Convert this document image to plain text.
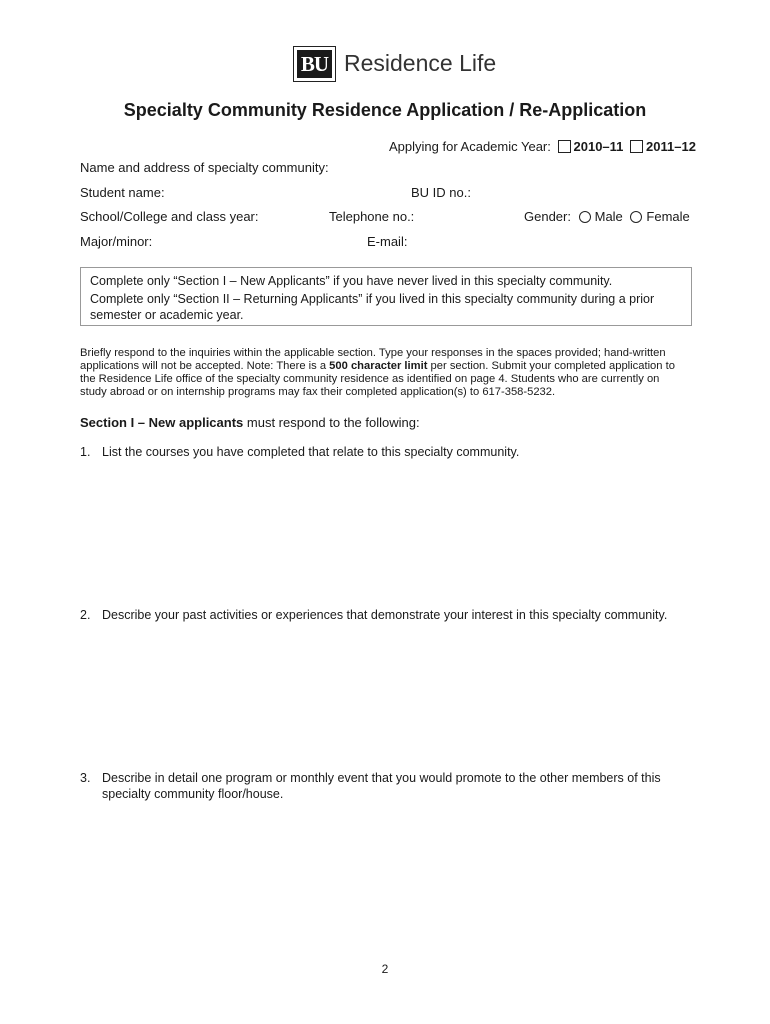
BU Residence Life
Specialty Community Residence Application / Re-Application
Applying for Academic Year: 2010–11 2011–12
Name and address of specialty community:
Student name:	BU ID no.:
School/College and class year:	Telephone no.:	Gender: Male Female
Major/minor:	E-mail:
Complete only “Section I – New Applicants” if you have never lived in this specialty community.
Complete only “Section II – Returning Applicants” if you lived in this specialty community during a prior
semester or academic year.
Briefly respond to the inquiries within the applicable section. Type your responses in the spaces provided; hand-written
applications will not be accepted. Note: There is a 500 character limit per section. Submit your completed application to
the Residence Life office of the specialty community residence as identified on page 4. Students who are currently on
study abroad or on internship programs may fax their completed application(s) to 617-358-5232.
Section I – New applicants must respond to the following:
1. List the courses you have completed that relate to this specialty community.
2. Describe your past activities or experiences that demonstrate your interest in this specialty community.
3. Describe in detail one program or monthly event that you would promote to the other members of this
specialty community floor/house.
2
